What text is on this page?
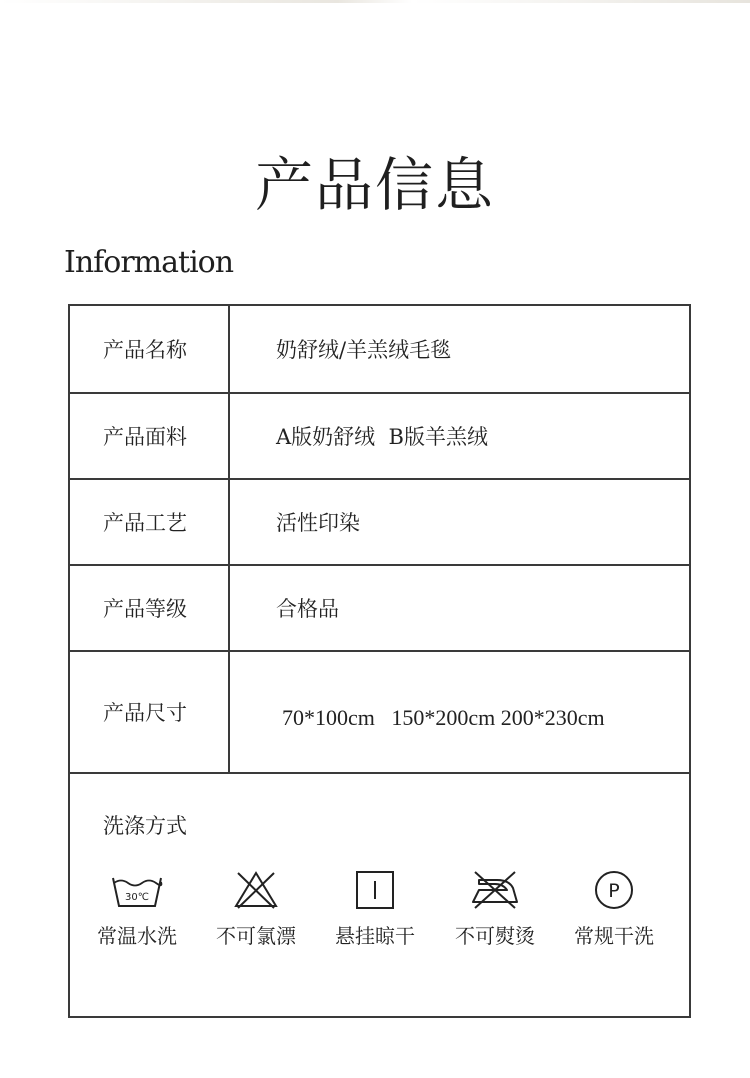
产品信息
Information
产品名称	奶舒绒/羊羔绒毛毯
产品面料	A版奶舒绒  B版羊羔绒
产品工艺	活性印染
产品等级	合格品
产品尺寸	70*100cm   150*200cm 200*230cm
洗涤方式
30℃
常温水洗	不可氯漂	悬挂晾干	不可熨烫
P
常规干洗
